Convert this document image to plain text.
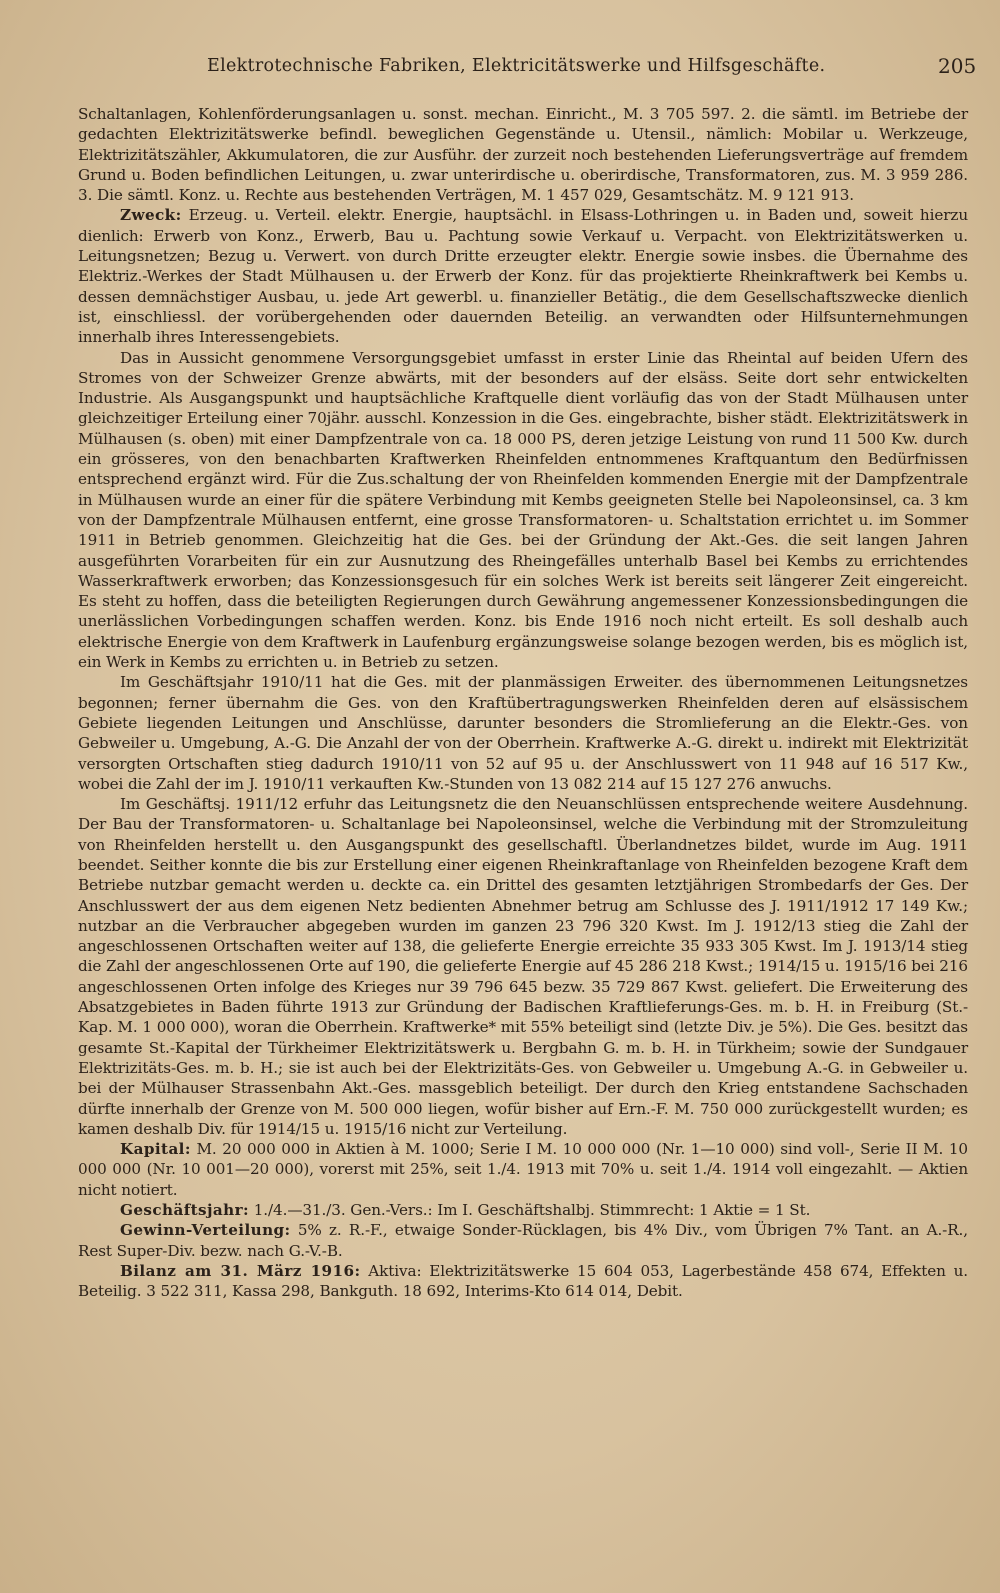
Elektrotechnische Fabriken, Elektricitätswerke und Hilfsgeschäfte.	205

Schaltanlagen, Kohlenförderungsanlagen u. sonst. mechan. Einricht., M. 3 705 597. 2. die sämtl. im Betriebe der gedachten Elektrizitätswerke befindl. beweglichen Gegenstände u. Utensil., nämlich: Mobilar u. Werkzeuge, Elektrizitätszähler, Akkumulatoren, die zur Ausführ. der zurzeit noch bestehenden Lieferungsverträge auf fremdem Grund u. Boden befindlichen Leitungen, u. zwar unterirdische u. oberirdische, Transformatoren, zus. M. 3 959 286. 3. Die sämtl. Konz. u. Rechte aus bestehenden Verträgen, M. 1 457 029, Gesamtschätz. M. 9 121 913.

Zweck: Erzeug. u. Verteil. elektr. Energie, hauptsächl. in Elsass-Lothringen u. in Baden und, soweit hierzu dienlich: Erwerb von Konz., Erwerb, Bau u. Pachtung sowie Verkauf u. Verpacht. von Elektrizitätswerken u. Leitungsnetzen; Bezug u. Verwert. von durch Dritte erzeugter elektr. Energie sowie insbes. die Übernahme des Elektriz.-Werkes der Stadt Mülhausen u. der Erwerb der Konz. für das projektierte Rheinkraftwerk bei Kembs u. dessen demnächstiger Ausbau, u. jede Art gewerbl. u. finanzieller Betätig., die dem Gesellschaftszwecke dienlich ist, einschliessl. der vorübergehenden oder dauernden Beteilig. an verwandten oder Hilfsunternehmungen innerhalb ihres Interessengebiets.

Das in Aussicht genommene Versorgungsgebiet umfasst in erster Linie das Rheintal auf beiden Ufern des Stromes von der Schweizer Grenze abwärts, mit der besonders auf der elsäss. Seite dort sehr entwickelten Industrie. Als Ausgangspunkt und hauptsächliche Kraftquelle dient vorläufig das von der Stadt Mülhausen unter gleichzeitiger Erteilung einer 70jähr. ausschl. Konzession in die Ges. eingebrachte, bisher städt. Elektrizitätswerk in Mülhausen (s. oben) mit einer Dampfzentrale von ca. 18 000 PS, deren jetzige Leistung von rund 11 500 Kw. durch ein grösseres, von den benachbarten Kraftwerken Rheinfelden entnommenes Kraftquantum den Bedürfnissen entsprechend ergänzt wird. Für die Zus.schaltung der von Rheinfelden kommenden Energie mit der Dampfzentrale in Mülhausen wurde an einer für die spätere Verbindung mit Kembs geeigneten Stelle bei Napoleonsinsel, ca. 3 km von der Dampfzentrale Mülhausen entfernt, eine grosse Transformatoren- u. Schaltstation errichtet u. im Sommer 1911 in Betrieb genommen. Gleichzeitig hat die Ges. bei der Gründung der Akt.-Ges. die seit langen Jahren ausgeführten Vorarbeiten für ein zur Ausnutzung des Rheingefälles unterhalb Basel bei Kembs zu errichtendes Wasserkraftwerk erworben; das Konzessionsgesuch für ein solches Werk ist bereits seit längerer Zeit eingereicht. Es steht zu hoffen, dass die beteiligten Regierungen durch Gewährung angemessener Konzessionsbedingungen die unerlässlichen Vorbedingungen schaffen werden. Konz. bis Ende 1916 noch nicht erteilt. Es soll deshalb auch elektrische Energie von dem Kraftwerk in Laufenburg ergänzungsweise solange bezogen werden, bis es möglich ist, ein Werk in Kembs zu errichten u. in Betrieb zu setzen.

Im Geschäftsjahr 1910/11 hat die Ges. mit der planmässigen Erweiter. des übernommenen Leitungsnetzes begonnen; ferner übernahm die Ges. von den Kraftübertragungswerken Rheinfelden deren auf elsässischem Gebiete liegenden Leitungen und Anschlüsse, darunter besonders die Stromlieferung an die Elektr.-Ges. von Gebweiler u. Umgebung, A.-G. Die Anzahl der von der Oberrhein. Kraftwerke A.-G. direkt u. indirekt mit Elektrizität versorgten Ortschaften stieg dadurch 1910/11 von 52 auf 95 u. der Anschlusswert von 11 948 auf 16 517 Kw., wobei die Zahl der im J. 1910/11 verkauften Kw.-Stunden von 13 082 214 auf 15 127 276 anwuchs.

Im Geschäftsj. 1911/12 erfuhr das Leitungsnetz die den Neuanschlüssen entsprechende weitere Ausdehnung. Der Bau der Transformatoren- u. Schaltanlage bei Napoleonsinsel, welche die Verbindung mit der Stromzuleitung von Rheinfelden herstellt u. den Ausgangspunkt des gesellschaftl. Überlandnetzes bildet, wurde im Aug. 1911 beendet. Seither konnte die bis zur Erstellung einer eigenen Rheinkraftanlage von Rheinfelden bezogene Kraft dem Betriebe nutzbar gemacht werden u. deckte ca. ein Drittel des gesamten letztjährigen Strombedarfs der Ges. Der Anschlusswert der aus dem eigenen Netz bedienten Abnehmer betrug am Schlusse des J. 1911/1912 17 149 Kw.; nutzbar an die Verbraucher abgegeben wurden im ganzen 23 796 320 Kwst. Im J. 1912/13 stieg die Zahl der angeschlossenen Ortschaften weiter auf 138, die gelieferte Energie erreichte 35 933 305 Kwst. Im J. 1913/14 stieg die Zahl der angeschlossenen Orte auf 190, die gelieferte Energie auf 45 286 218 Kwst.; 1914/15 u. 1915/16 bei 216 angeschlossenen Orten infolge des Krieges nur 39 796 645 bezw. 35 729 867 Kwst. geliefert. Die Erweiterung des Absatzgebietes in Baden führte 1913 zur Gründung der Badischen Kraftlieferungs-Ges. m. b. H. in Freiburg (St.-Kap. M. 1 000 000), woran die Oberrhein. Kraftwerke* mit 55% beteiligt sind (letzte Div. je 5%). Die Ges. besitzt das gesamte St.-Kapital der Türkheimer Elektrizitätswerk u. Bergbahn G. m. b. H. in Türkheim; sowie der Sundgauer Elektrizitäts-Ges. m. b. H.; sie ist auch bei der Elektrizitäts-Ges. von Gebweiler u. Umgebung A.-G. in Gebweiler u. bei der Mülhauser Strassenbahn Akt.-Ges. massgeblich beteiligt. Der durch den Krieg entstandene Sachschaden dürfte innerhalb der Grenze von M. 500 000 liegen, wofür bisher auf Ern.-F. M. 750 000 zurückgestellt wurden; es kamen deshalb Div. für 1914/15 u. 1915/16 nicht zur Verteilung.

Kapital: M. 20 000 000 in Aktien à M. 1000; Serie I M. 10 000 000 (Nr. 1—10 000) sind voll-, Serie II M. 10 000 000 (Nr. 10 001—20 000), vorerst mit 25%, seit 1./4. 1913 mit 70% u. seit 1./4. 1914 voll eingezahlt. — Aktien nicht notiert.

Geschäftsjahr: 1./4.—31./3. Gen.-Vers.: Im I. Geschäftshalbj. Stimmrecht: 1 Aktie = 1 St.

Gewinn-Verteilung: 5% z. R.-F., etwaige Sonder-Rücklagen, bis 4% Div., vom Übrigen 7% Tant. an A.-R., Rest Super-Div. bezw. nach G.-V.-B.

Bilanz am 31. März 1916: Aktiva: Elektrizitätswerke 15 604 053, Lagerbestände 458 674, Effekten u. Beteilig. 3 522 311, Kassa 298, Bankguth. 18 692, Interims-Kto 614 014, Debit.
